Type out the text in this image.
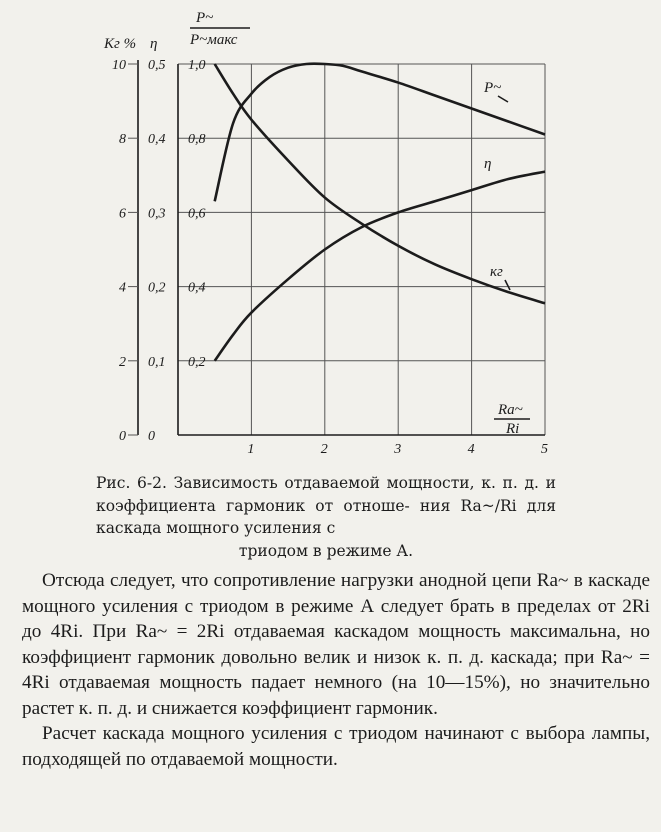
1	2	3	4	5
0
2
4
6
8
10
0
0,1
0,2
0,3
0,4
0,5
0,2
0,4
0,6
0,8
1,0
Kг % η
P~
P~макс
Ra~
Ri
P~
η
кг
Рис. 6-2. Зависимость отдаваемой мощности, к. п. д. и коэффициента гармоник от отноше- ния Ra~/Ri для каскада мощного усиления с
триодом в режиме А.

Отсюда следует, что сопротивление нагрузки анодной цепи Ra~ в каскаде мощного усиления с триодом в режиме А следует брать в пределах от 2Ri до 4Ri. При Ra~ = 2Ri отдаваемая каскадом мощность максимальна, но коэффициент гармоник довольно велик и низок к. п. д. каскада; при Ra~ = 4Ri отдаваемая мощность падает немного (на 10—15%), но значительно растет к. п. д. и снижается коэффициент гармоник.

Расчет каскада мощного усиления с триодом начинают с выбора лампы, подходящей по отдаваемой мощности.
